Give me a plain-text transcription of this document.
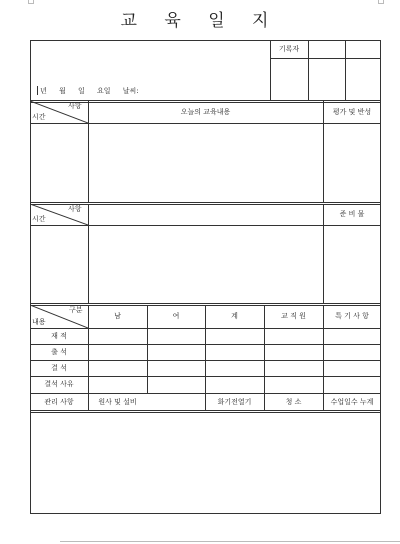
교 육 일 지
기록자
년 월 일 요일 날씨:
사항
시간
오늘의 교육내용	평가 및 반성
사항
시간
준 비 물
구분
내용
남	여	계	교 직 원	특 기 사 항
재 적
출 석
결 석
결석 사유
관리 사항	원사 및 설비	화기전열기	청 소	수업일수 누계
